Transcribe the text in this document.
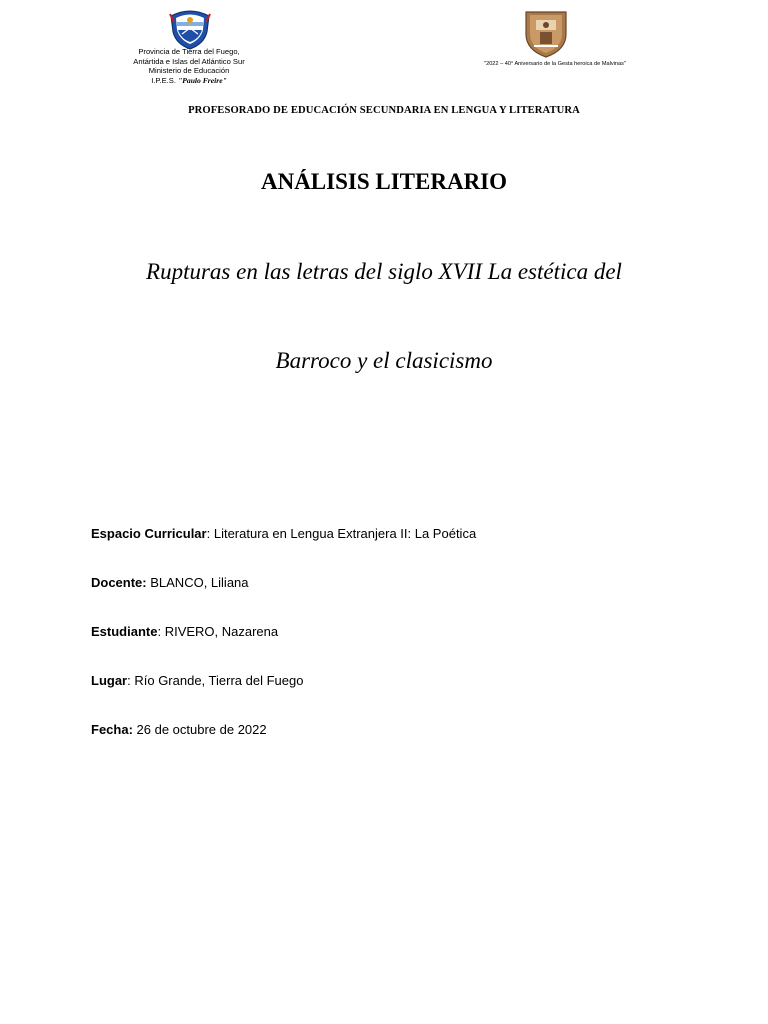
Provincia de Tierra del Fuego,
Antártida e Islas del Atlántico Sur
Ministerio de Educación
I.P.E.S. "Paulo Freire"
"2022 – 40° Aniversario de la Gesta heroica de Malvinas"
PROFESORADO DE EDUCACIÓN SECUNDARIA EN LENGUA Y LITERATURA
ANÁLISIS LITERARIO
Rupturas en las letras del siglo XVII La estética del
Barroco y el clasicismo
Espacio Curricular: Literatura en Lengua Extranjera II: La Poética
Docente: BLANCO, Liliana
Estudiante: RIVERO, Nazarena
Lugar: Río Grande, Tierra del Fuego
Fecha: 26 de octubre de 2022
